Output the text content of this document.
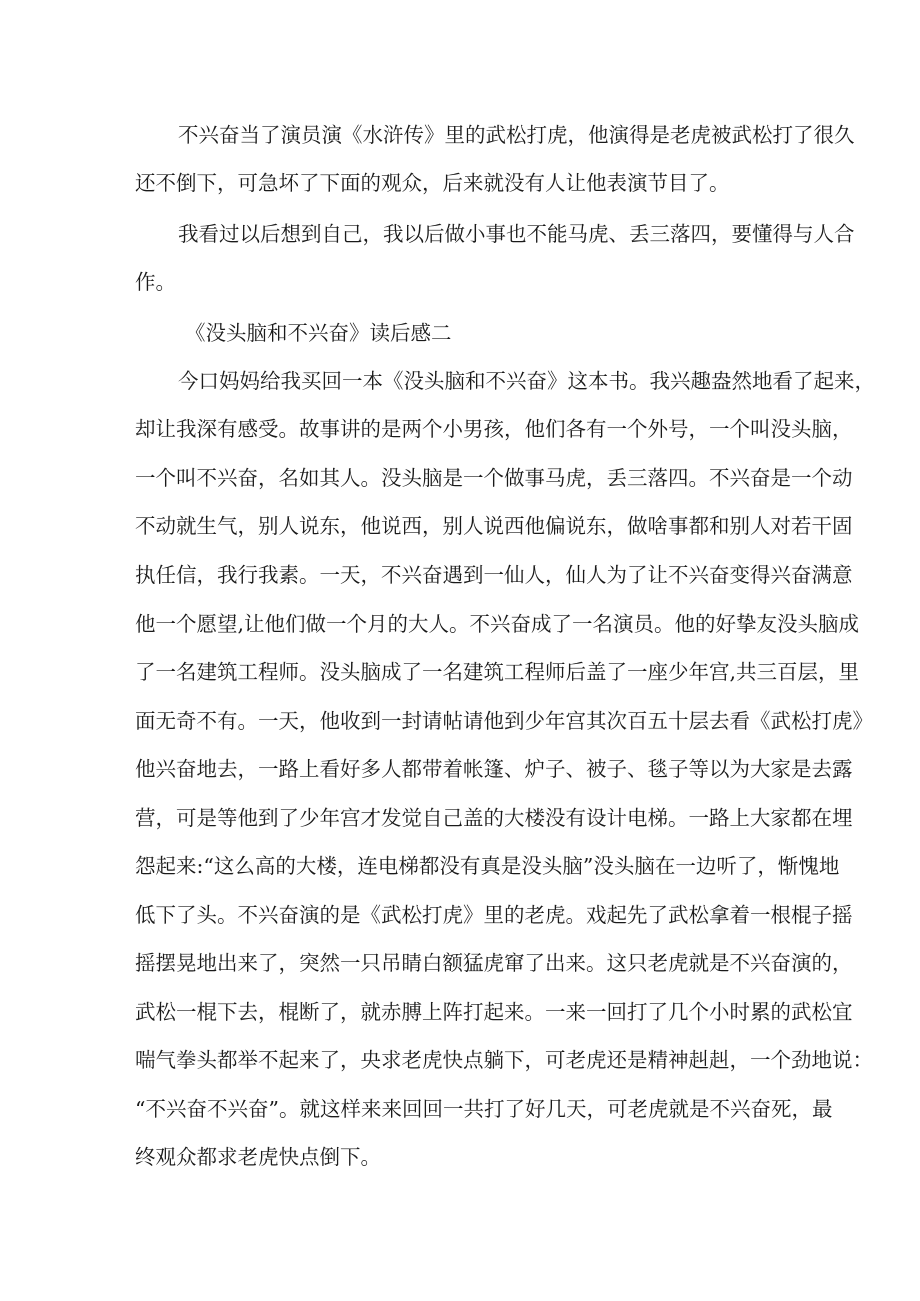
不兴奋当了演员演《水浒传》里的武松打虎，他演得是老虎被武松打了很久
还不倒下，可急坏了下面的观众，后来就没有人让他表演节目了。
我看过以后想到自己，我以后做小事也不能马虎、丢三落四，要懂得与人合
作。
《没头脑和不兴奋》读后感二
今口妈妈给我买回一本《没头脑和不兴奋》这本书。我兴趣盎然地看了起来，
却让我深有感受。故事讲的是两个小男孩，他们各有一个外号，一个叫没头脑，
一个叫不兴奋，名如其人。没头脑是一个做事马虎，丢三落四。不兴奋是一个动
不动就生气，别人说东，他说西，别人说西他偏说东，做啥事都和别人对若干固
执任信，我行我素。一天，不兴奋遇到一仙人，仙人为了让不兴奋变得兴奋满意
他一个愿望,让他们做一个月的大人。不兴奋成了一名演员。他的好挚友没头脑成
了一名建筑工程师。没头脑成了一名建筑工程师后盖了一座少年宫,共三百层，里
面无奇不有。一天，他收到一封请帖请他到少年宫其次百五十层去看《武松打虎》
他兴奋地去，一路上看好多人都带着帐篷、炉子、被子、毯子等以为大家是去露
营，可是等他到了少年宫才发觉自己盖的大楼没有设计电梯。一路上大家都在埋
怨起来:“这么高的大楼，连电梯都没有真是没头脑”没头脑在一边听了，惭愧地
低下了头。不兴奋演的是《武松打虎》里的老虎。戏起先了武松拿着一根棍子摇
摇摆晃地出来了，突然一只吊睛白额猛虎窜了出来。这只老虎就是不兴奋演的，
武松一棍下去，棍断了，就赤膊上阵打起来。一来一回打了几个小时累的武松宜
喘气拳头都举不起来了，央求老虎快点躺下，可老虎还是精神赳赳，一个劲地说：
“不兴奋不兴奋”。就这样来来回回一共打了好几天，可老虎就是不兴奋死，最
终观众都求老虎快点倒下。
